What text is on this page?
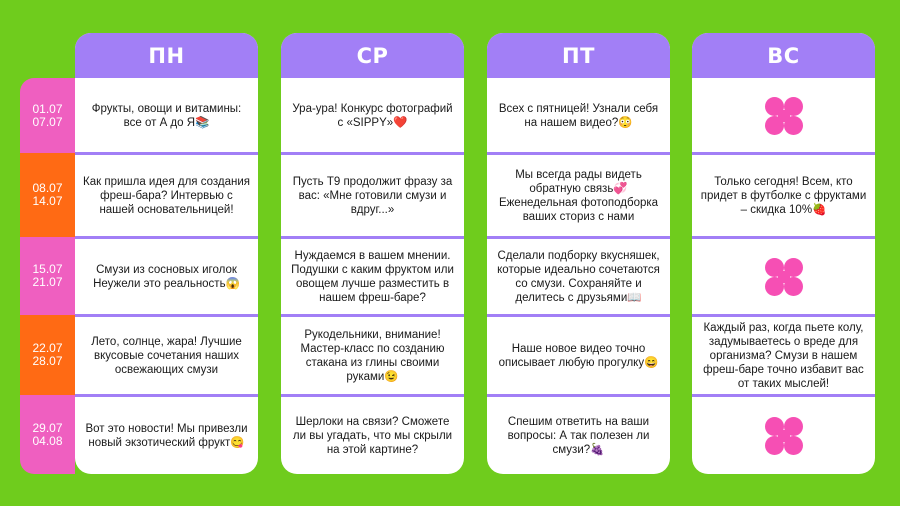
01.07
07.07
08.07
14.07
15.07
21.07
22.07
28.07
29.07
04.08
ПН
Фрукты, овощи и витамины: все от А до Я📚
Как пришла идея для создания фреш-бара? Интервью с нашей основательницей!
Смузи из сосновых иголок Неужели это реальность😱
Лето, солнце, жара! Лучшие вкусовые сочетания наших освежающих смузи
Вот это новости! Мы привезли новый экзотический фрукт😋
СР
Ура-ура! Конкурс фотографий с «SIPPY»❤️
Пусть Т9 продолжит фразу за вас: «Мне готовили смузи и вдруг...»
Нуждаемся в вашем мнении. Подушки с каким фруктом или овощем лучше разместить в нашем фреш-баре?
Рукодельники, внимание! Мастер-класс по созданию стакана из глины своими руками😉
Шерлоки на связи? Сможете ли вы угадать, что мы скрыли на этой картине?
ПТ
Всех с пятницей! Узнали себя на нашем видео?😳
Мы всегда рады видеть обратную связь💞 Еженедельная фотоподборка ваших сториз с нами
Сделали подборку вкусняшек, которые идеально сочетаются со смузи. Сохраняйте и делитесь с друзьями📖
Наше новое видео точно описывает любую прогулку😄
Спешим ответить на ваши вопросы: А так полезен ли смузи?🍇
ВС
Только сегодня! Всем, кто придет в футболке с фруктами – скидка 10%🍓
Каждый раз, когда пьете колу, задумываетесь о вреде для организма? Смузи в нашем фреш-баре точно избавит вас от таких мыслей!
